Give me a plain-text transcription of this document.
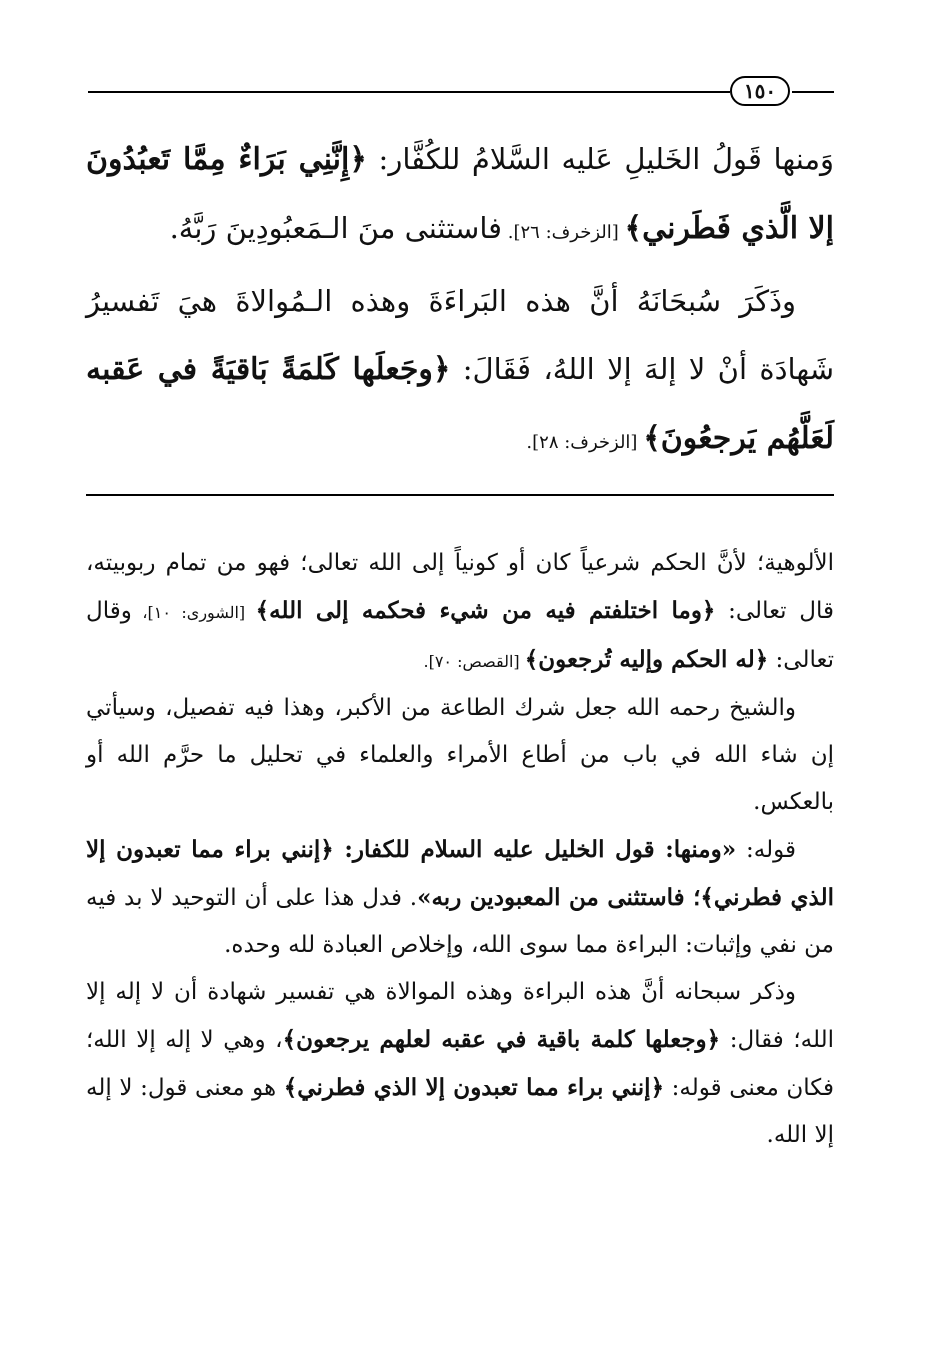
١٥٠

وَمنها قَولُ الخَليلِ عَليه السَّلامُ للكُفَّار: ﴿إِنَّنِي بَرَاءٌ مِمَّا تَعبُدُونَ إلا الَّذي فَطَرني﴾ [الزخرف: ٢٦]. فاستثنى منَ الـمَعبُودِينَ رَبَّهُ.

وذَكَرَ سُبحَانَهُ أنَّ هذه البَراءَةَ وهذه الـمُوالاةَ هيَ تَفسيرُ شَهادَة أنْ لا إلهَ إلا اللهُ، فَقَالَ: ﴿وجَعلَها كَلمَةً بَاقيَةً في عَقبه لَعَلَّهُم يَرجعُونَ﴾ [الزخرف: ٢٨].

الألوهية؛ لأنَّ الحكم شرعياً كان أو كونياً إلى الله تعالى؛ فهو من تمام ربوبيته، قال تعالى: ﴿وما اختلفتم فيه من شيء فحكمه إلى الله﴾ [الشورى: ١٠]، وقال تعالى: ﴿له الحكم وإليه تُرجعون﴾ [القصص: ٧٠].

والشيخ رحمه الله جعل شرك الطاعة من الأكبر، وهذا فيه تفصيل، وسيأتي إن شاء الله في باب من أطاع الأمراء والعلماء في تحليل ما حرَّم الله أو بالعكس.

قوله: «ومنها: قول الخليل عليه السلام للكفار: ﴿إنني براء مما تعبدون إلا الذي فطرني﴾؛ فاستثنى من المعبودين ربه». فدل هذا على أن التوحيد لا بد فيه من نفي وإثبات: البراءة مما سوى الله، وإخلاص العبادة لله وحده.

وذكر سبحانه أنَّ هذه البراءة وهذه الموالاة هي تفسير شهادة أن لا إله إلا الله؛ فقال: ﴿وجعلها كلمة باقية في عقبه لعلهم يرجعون﴾، وهي لا إله إلا الله؛ فكان معنى قوله: ﴿إنني براء مما تعبدون إلا الذي فطرني﴾ هو معنى قول: لا إله إلا الله.
